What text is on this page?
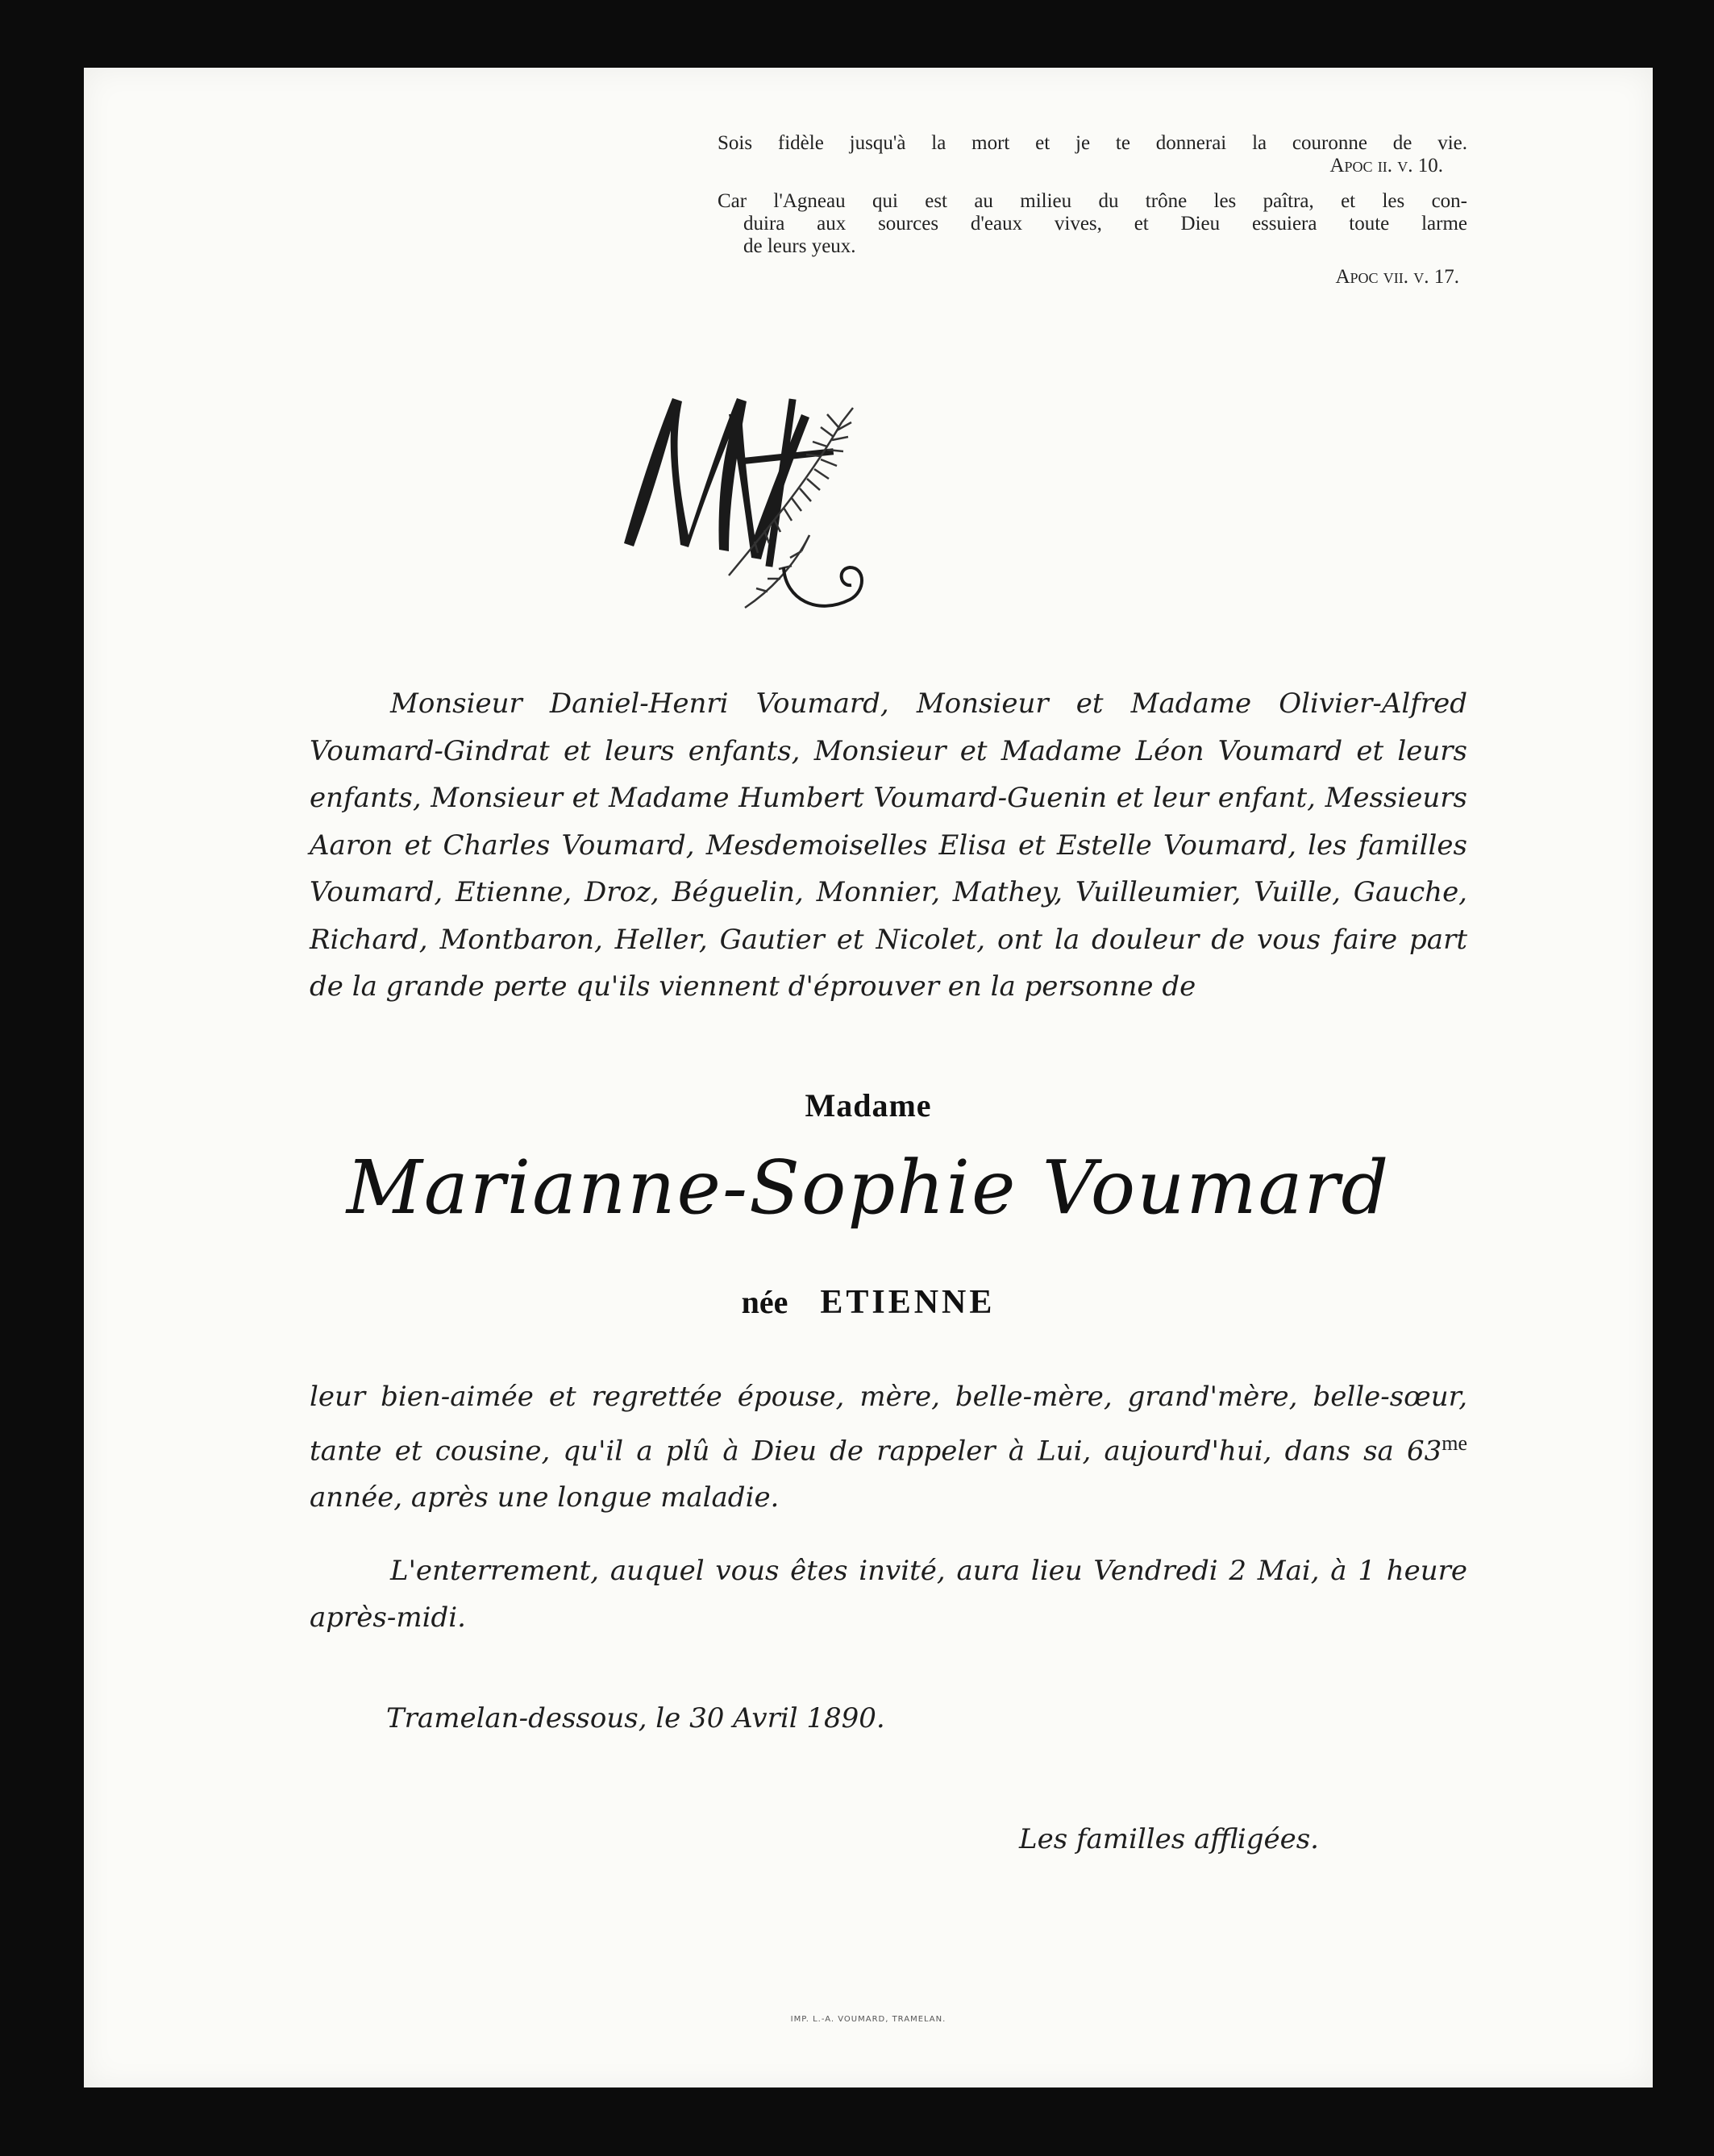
Sois fidèle jusqu'à la mort et je te donnerai la couronne de vie.
Apoc ii. v. 10.
Car l'Agneau qui est au milieu du trône les paîtra, et les con-
duira aux sources d'eaux vives, et Dieu essuiera toute larme
de leurs yeux.
Apoc vii. v. 17.
Monsieur Daniel-Henri Voumard, Monsieur et Madame Olivier-Alfred Voumard-Gindrat et leurs enfants, Monsieur et Madame Léon Voumard et leurs enfants, Monsieur et Madame Humbert Voumard-Guenin et leur enfant, Messieurs Aaron et Charles Voumard, Mesdemoiselles Elisa et Estelle Voumard, les familles Voumard, Etienne, Droz, Béguelin, Monnier, Mathey, Vuilleumier, Vuille, Gauche, Richard, Montbaron, Heller, Gautier et Nicolet, ont la douleur de vous faire part de la grande perte qu'ils viennent d'éprouver en la personne de
Madame
Marianne-Sophie Voumard
née ETIENNE
leur bien-aimée et regrettée épouse, mère, belle-mère, grand'mère, belle-sœur, tante et cousine, qu'il a plû à Dieu de rappeler à Lui, aujourd'hui, dans sa $63^{me}$ année, après une longue maladie.
L'enterrement, auquel vous êtes invité, aura lieu Vendredi 2 Mai, à 1 heure après-midi.
Tramelan-dessous, le 30 Avril 1890.
Les familles affligées.
IMP. L.-A. VOUMARD, TRAMELAN.
